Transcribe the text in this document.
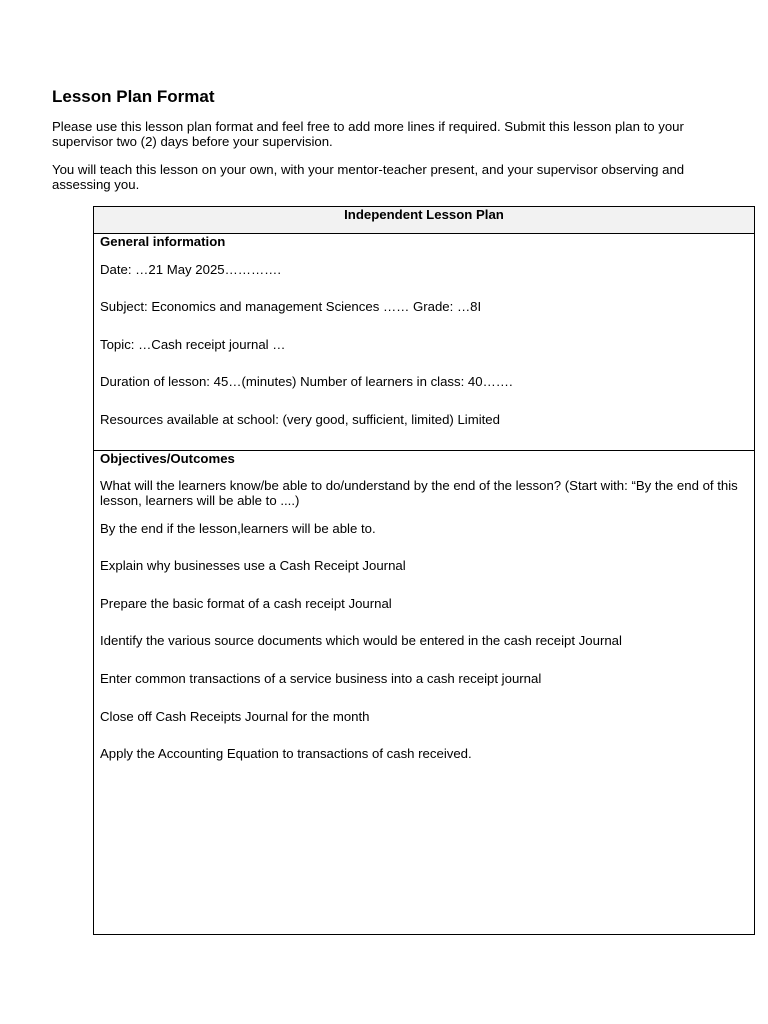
Lesson Plan Format

Please use this lesson plan format and feel free to add more lines if required. Submit this lesson plan to your supervisor two (2) days before your supervision.

You will teach this lesson on your own, with your mentor-teacher present, and your supervisor observing and assessing you.

Independent Lesson Plan
General information
Date: …21 May 2025………….
Subject: Economics and management Sciences …… Grade: …8I
Topic: …Cash receipt journal …
Duration of lesson: 45…(minutes) Number of learners in class: 40…….
Resources available at school: (very good, sufficient, limited) Limited
Objectives/Outcomes
What will the learners know/be able to do/understand by the end of the lesson? (Start with: “By the end of this lesson, learners will be able to ....)
By the end if the lesson,learners will be able to.
Explain why businesses use a Cash Receipt Journal
Prepare the basic format of a cash receipt Journal
Identify the various source documents which would be entered in the cash receipt Journal
Enter common transactions of a service business into a cash receipt journal
Close off Cash Receipts Journal for the month
Apply the Accounting Equation to transactions of cash received.
